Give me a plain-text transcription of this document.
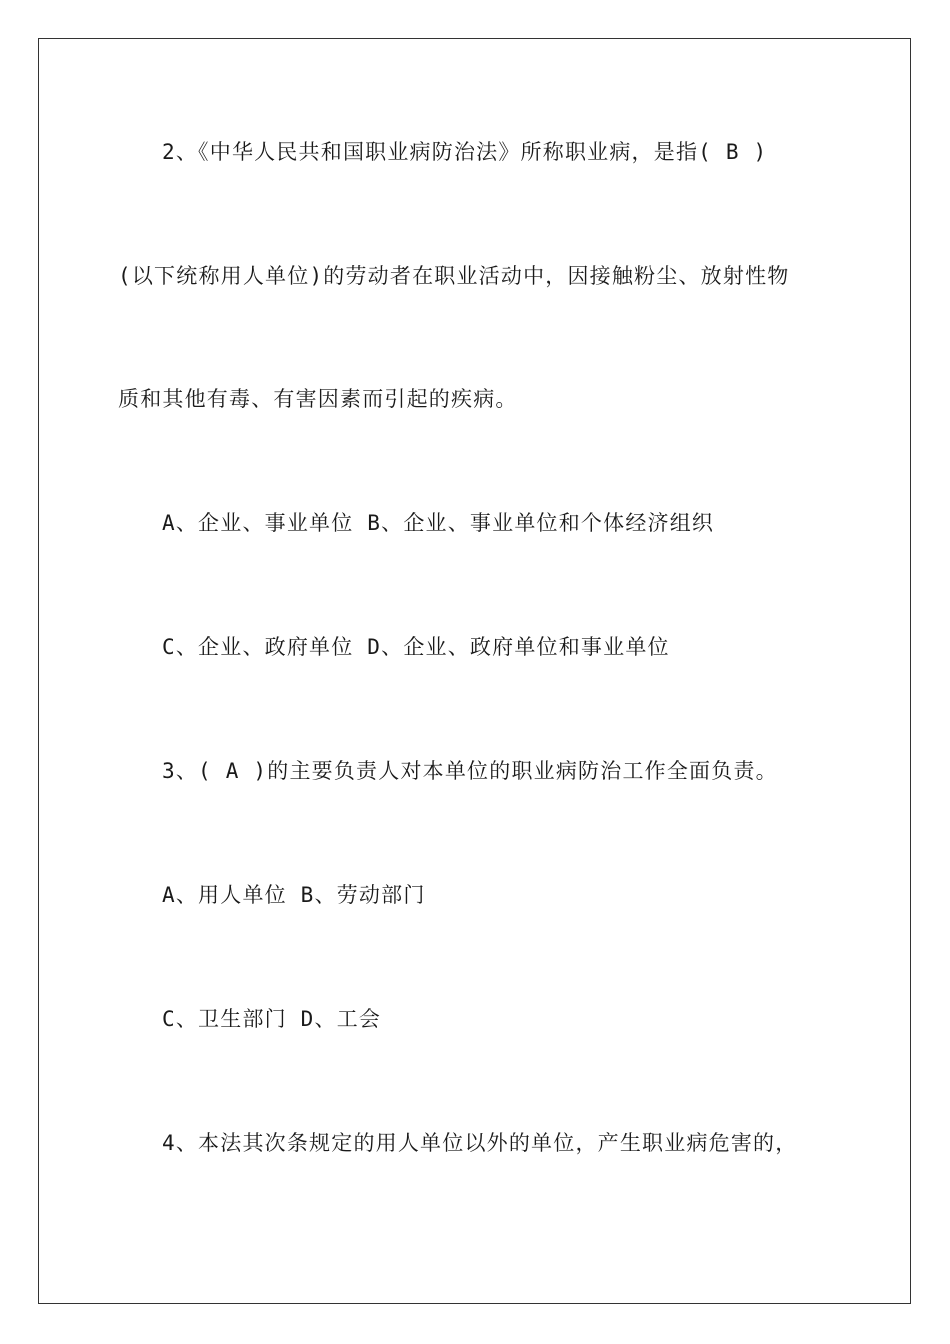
2、《中华人民共和国职业病防治法》所称职业病，是指( B )
(以下统称用人单位)的劳动者在职业活动中，因接触粉尘、放射性物
质和其他有毒、有害因素而引起的疾病。
A、企业、事业单位 B、企业、事业单位和个体经济组织
C、企业、政府单位 D、企业、政府单位和事业单位
3、( A )的主要负责人对本单位的职业病防治工作全面负责。
A、用人单位 B、劳动部门
C、卫生部门 D、工会
4、本法其次条规定的用人单位以外的单位，产生职业病危害的，
